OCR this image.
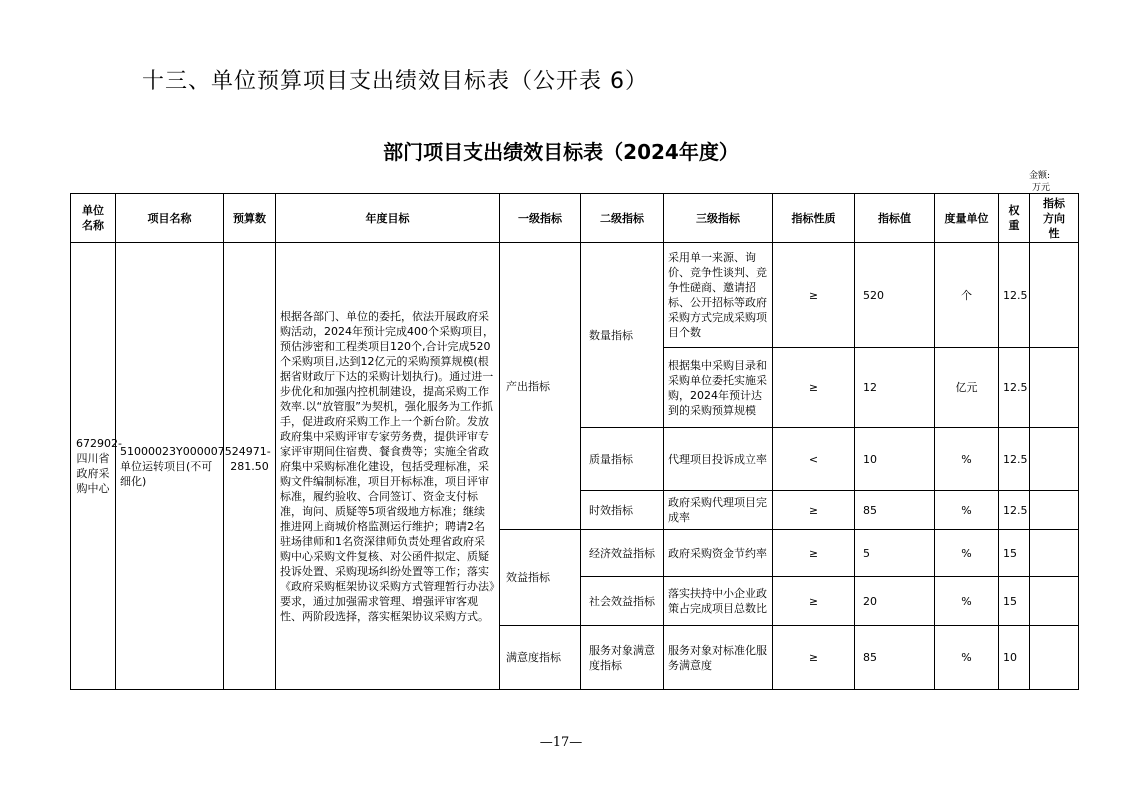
十三、单位预算项目支出绩效目标表（公开表 6）
部门项目支出绩效目标表（2024年度）
金额:
万元
单位名称	项目名称	预算数	年度目标	一级指标	二级指标	三级指标	指标性质	指标值	度量单位	权重	指标方向性
672902-四川省政府采购中心	51000023Y000007524971-单位运转项目(不可细化)	281.50	根据各部门、单位的委托，依法开展政府采购活动，2024年预计完成400个采购项目，预估涉密和工程类项目120个,合计完成520个采购项目,达到12亿元的采购预算规模(根据省财政厅下达的采购计划执行)。通过进一步优化和加强内控机制建设，提高采购工作效率.以“放管服”为契机，强化服务为工作抓手，促进政府采购工作上一个新台阶。发放政府集中采购评审专家劳务费，提供评审专家评审期间住宿费、餐食费等；实施全省政府集中采购标准化建设，包括受理标准，采购文件编制标准，项目开标标准，项目评审标准，履约验收、合同签订、资金支付标准，询问、质疑等5项省级地方标准；继续推进网上商城价格监测运行维护；聘请2名驻场律师和1名资深律师负责处理省政府采购中心采购文件复核、对公函件拟定、质疑投诉处置、采购现场纠纷处置等工作；落实《政府采购框架协议采购方式管理暂行办法》要求，通过加强需求管理、增强评审客观性、两阶段选择，落实框架协议采购方式。	产出指标	数量指标	采用单一来源、询价、竞争性谈判、竞争性磋商、邀请招标、公开招标等政府采购方式完成采购项目个数	≥	520	个	12.5	
						根据集中采购目录和采购单位委托实施采购，2024年预计达到的采购预算规模	≥	12	亿元	12.5	
					质量指标	代理项目投诉成立率	<	10	%	12.5	
					时效指标	政府采购代理项目完成率	≥	85	%	12.5	
				效益指标	经济效益指标	政府采购资金节约率	≥	5	%	15	
					社会效益指标	落实扶持中小企业政策占完成项目总数比	≥	20	%	15	
				满意度指标	服务对象满意度指标	服务对象对标准化服务满意度	≥	85	%	10	
—17—
